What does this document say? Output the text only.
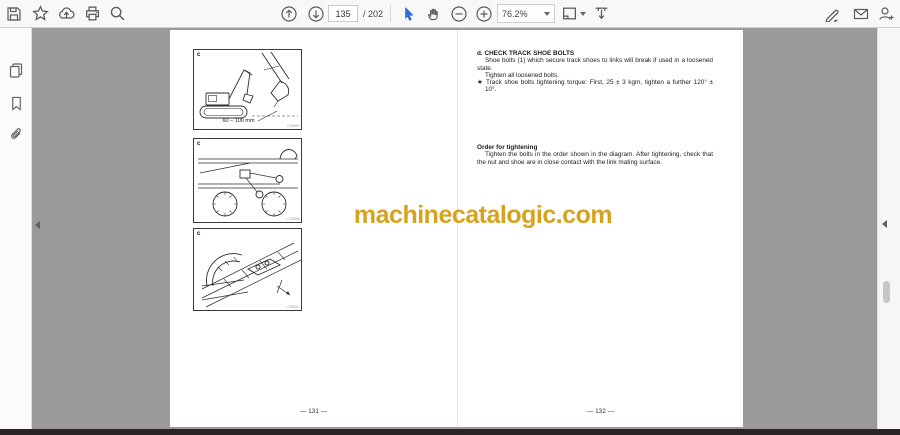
135
/ 202	76.2%
c
60 – 100 mm
C0599
c
C0598
c
C0601
— 131 —
d. CHECK TRACK SHOE BOLTS
Shoe bolts (1) which secure track shoes to links will break if used in a loosened state.
Tighten all loosened bolts.
★ Track shoe bolts tightening torque: First, 25 ± 3 kgm, tighten a further 120° ± 10°.
Order for tightening
Tighten the bolts in the order shown in the diagram. After tightening, check that the nut and shoe are in close contact with the link mating surface.
— 132 —
machinecatalogic.com
